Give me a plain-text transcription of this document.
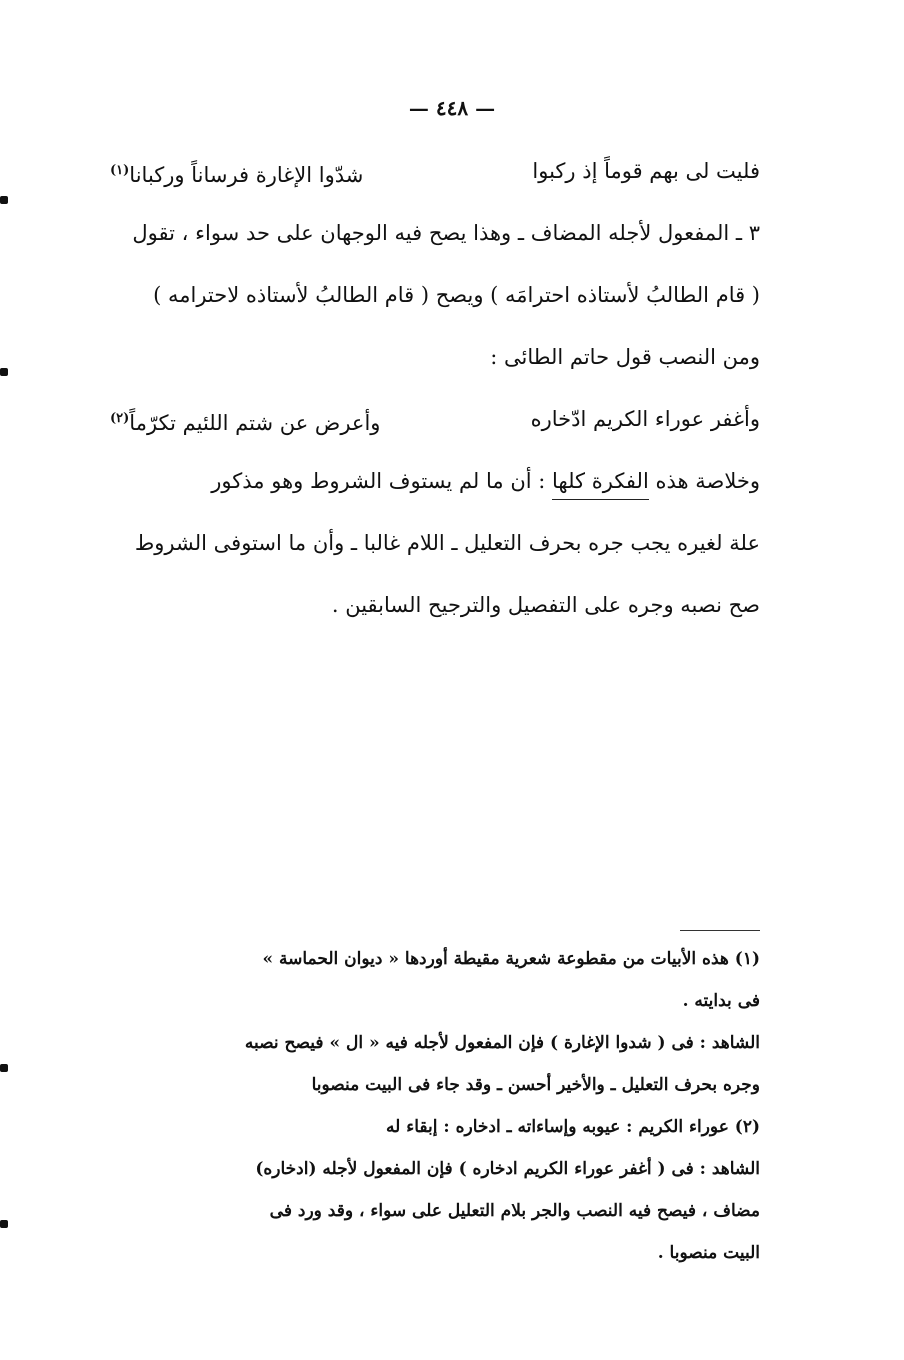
— ٤٤٨ —
فليت لى بهم قوماً إذ ركبوا
شدّوا الإغارة فرساناً وركبانا(١)
٣ ـ المفعول لأجله المضاف ـ وهذا يصح فيه الوجهان على حد سواء ، تقول
( قام الطالبُ لأستاذه احترامَه ) ويصح ( قام الطالبُ لأستاذه لاحترامه )
ومن النصب قول حاتم الطائى :
وأغفر عوراء الكريم ادّخاره
وأعرض عن شتم اللئيم تكرّماً(٢)
وخلاصة هذه الفكرة كلها : أن ما لم يستوف الشروط وهو مذكور
علة لغيره يجب جره بحرف التعليل ـ اللام غالبا ـ وأن ما استوفى الشروط
صح نصبه وجره على التفصيل والترجيح السابقين .
(١) هذه الأبيات من مقطوعة شعرية مقيطة أوردها « ديوان الحماسة »
فى بدايته .
الشاهد : فى ( شدوا الإغارة ) فإن المفعول لأجله فيه « ال » فيصح نصبه
وجره بحرف التعليل ـ والأخير أحسن ـ وقد جاء فى البيت منصوبا
(٢) عوراء الكريم : عيوبه وإساءاته ـ ادخاره : إبقاء له
الشاهد : فى ( أغفر عوراء الكريم ادخاره ) فإن المفعول لأجله (ادخاره)
مضاف ، فيصح فيه النصب والجر بلام التعليل على سواء ، وقد ورد فى
البيت منصوبا .
